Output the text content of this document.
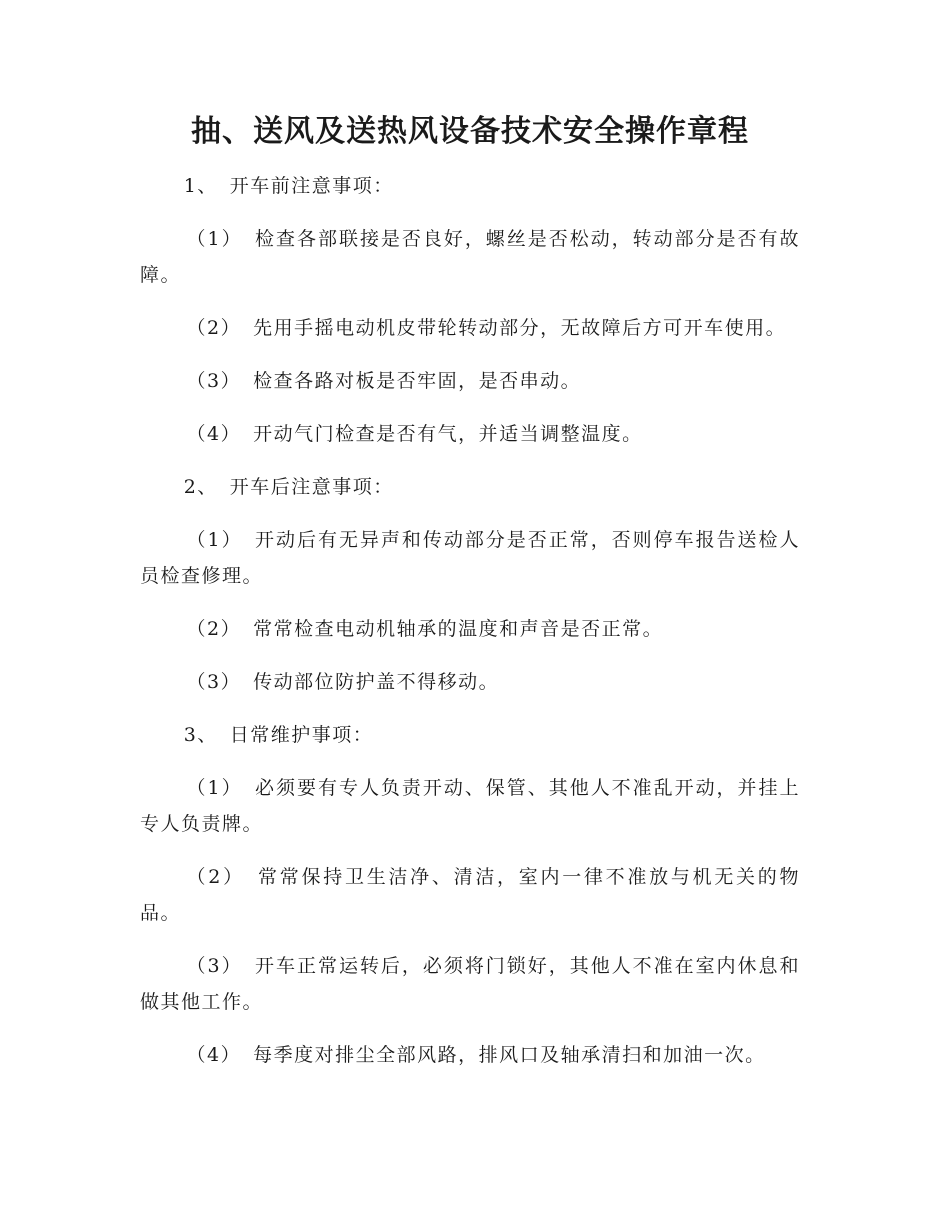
抽、送风及送热风设备技术安全操作章程

1、 开车前注意事项：

（1） 检查各部联接是否良好，螺丝是否松动，转动部分是否有故障。

（2） 先用手摇电动机皮带轮转动部分，无故障后方可开车使用。

（3） 检查各路对板是否牢固，是否串动。

（4） 开动气门检查是否有气，并适当调整温度。

2、 开车后注意事项：

（1） 开动后有无异声和传动部分是否正常，否则停车报告送检人员检查修理。

（2） 常常检查电动机轴承的温度和声音是否正常。

（3） 传动部位防护盖不得移动。

3、 日常维护事项：

（1） 必须要有专人负责开动、保管、其他人不准乱开动，并挂上专人负责牌。

（2） 常常保持卫生洁净、清洁，室内一律不准放与机无关的物品。

（3） 开车正常运转后，必须将门锁好，其他人不准在室内休息和做其他工作。

（4） 每季度对排尘全部风路，排风口及轴承清扫和加油一次。
